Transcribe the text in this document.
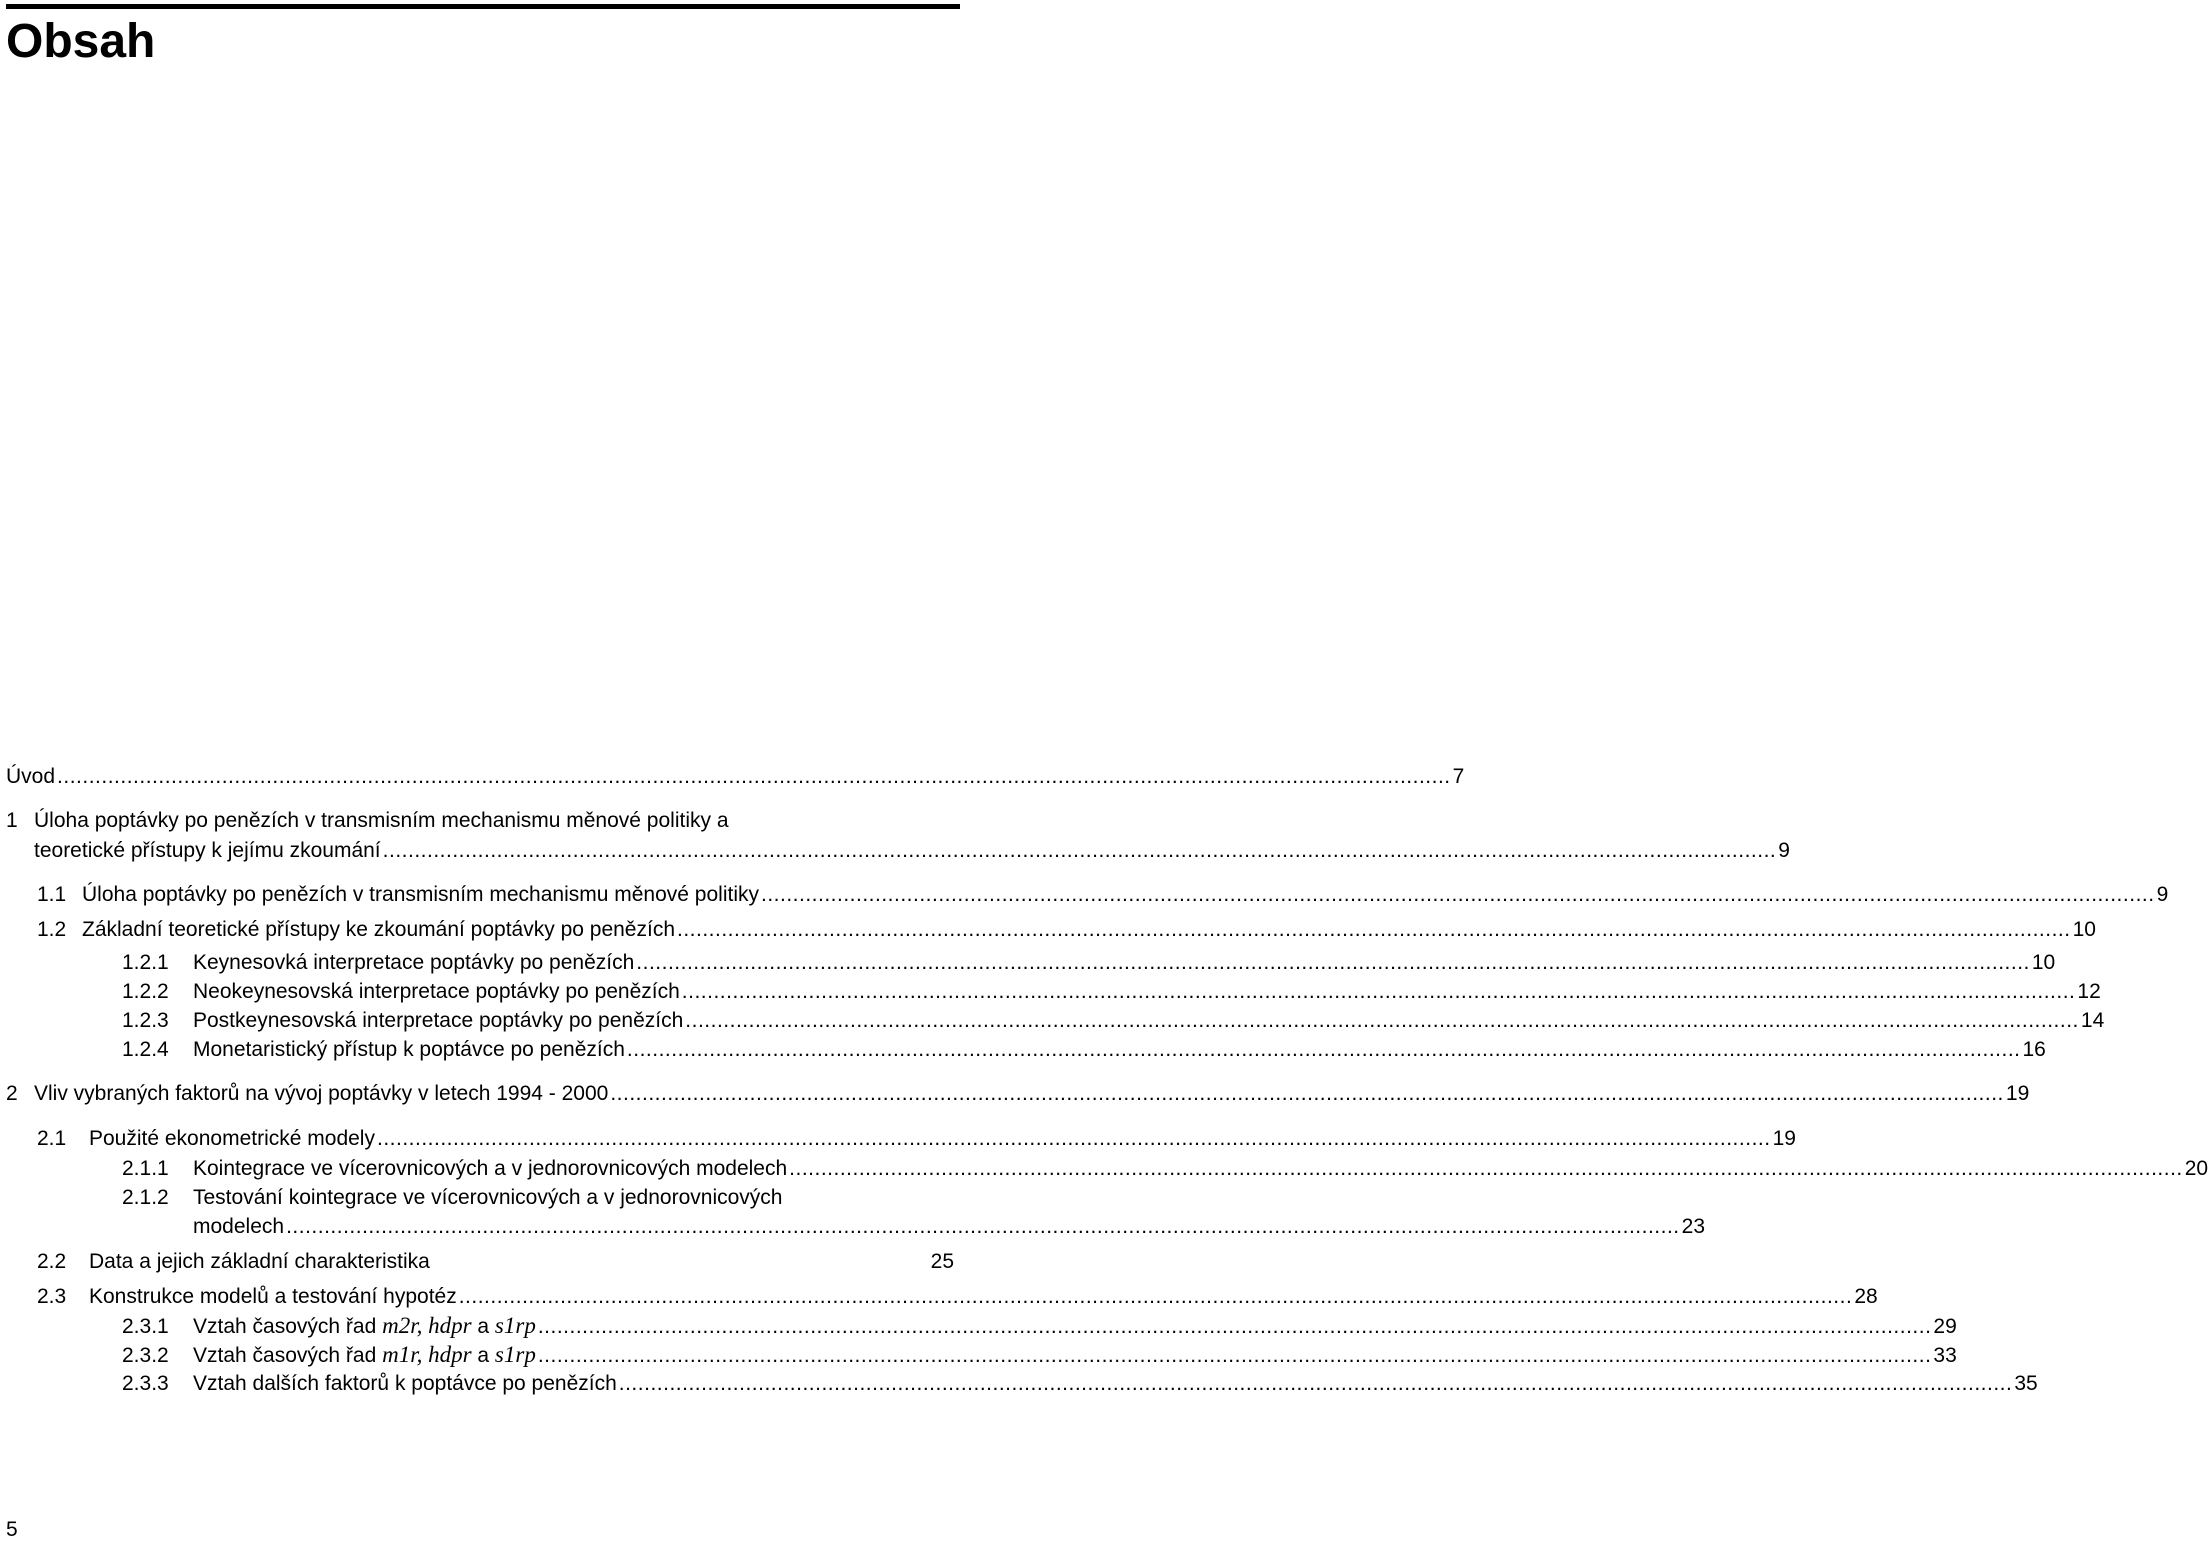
Obsah
Úvod ............................................................................................................................................................................................................................ 7
1 Úloha poptávky po penězích v transmisním mechanismu měnové politiky a
teoretické přístupy k jejímu zkoumání ............................................................................................................................................................................................................................ 9
1.1 Úloha poptávky po penězích v transmisním mechanismu měnové politiky ............................................................................................................................................................................................................................ 9
1.2 Základní teoretické přístupy ke zkoumání poptávky po penězích ............................................................................................................................................................................................................................ 10
1.2.1	Keynesovká interpretace poptávky po penězích ............................................................................................................................................................................................................................ 10
1.2.2	Neokeynesovská interpretace poptávky po penězích ............................................................................................................................................................................................................................ 12
1.2.3	Postkeynesovská interpretace poptávky po penězích ............................................................................................................................................................................................................................ 14
1.2.4	Monetaristický přístup k poptávce po penězích ............................................................................................................................................................................................................................ 16
2 Vliv vybraných faktorů na vývoj poptávky v letech 1994 - 2000 ............................................................................................................................................................................................................................ 19
2.1	Použité ekonometrické modely ............................................................................................................................................................................................................................ 19
2.1.1	Kointegrace ve vícerovnicových a v jednorovnicových modelech ............................................................................................................................................................................................................................ 20
2.1.2	Testování kointegrace ve vícerovnicových a v jednorovnicových
modelech ............................................................................................................................................................................................................................ 23
2.2	Data a jejich základní charakteristika	25
2.3	Konstrukce modelů a testování hypotéz ............................................................................................................................................................................................................................ 28
2.3.1	Vztah časových řad m2r, hdpr a s1rp ............................................................................................................................................................................................................................ 29
2.3.2	Vztah časových řad m1r, hdpr a s1rp ............................................................................................................................................................................................................................ 33
2.3.3	Vztah dalších faktorů k poptávce po penězích ............................................................................................................................................................................................................................ 35
5
